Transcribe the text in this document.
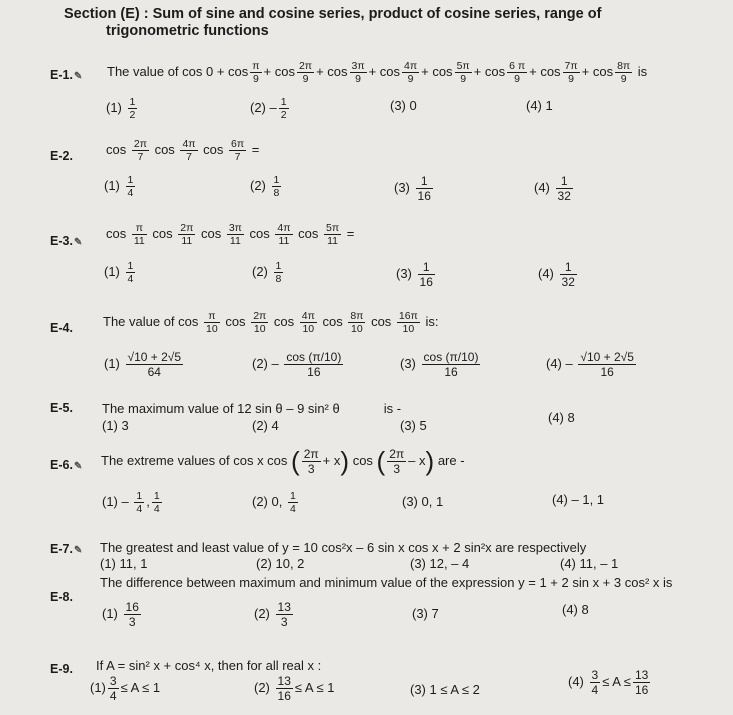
Section (E) : Sum of sine and cosine series, product of cosine series, range of
trigonometric functions
E-1.✎ The value of $\cos 0 + \cos \frac{\pi}{9} + \cos \frac{2\pi}{9} + \cos \frac{3\pi}{9} + \cos \frac{4\pi}{9} + \cos \frac{5\pi}{9} + \cos \frac{6 \pi}{9} + \cos \frac{7\pi}{9} + \cos \frac{8\pi}{9}$ is
$(1) \frac{1}{2}$	$(2) - \frac{1}{2}$	(3) 0	(4) 1
E-2.	$\cos \frac{2\pi}{7}$ $\cos \frac{4\pi}{7}$ $\cos \frac{6\pi}{7}$ =
$(1) \frac{1}{4}$	$(2) \frac{1}{8}$	$(3) \frac{1}{16}$	$(4) \frac{1}{32}$
E-3.✎
$\cos \frac{\pi}{11}$ $\cos \frac{2\pi}{11}$ $\cos \frac{3\pi}{11}$ $\cos \frac{4\pi}{11}$ $\cos \frac{5\pi}{11}$ =
$(1) \frac{1}{4}$	$(2) \frac{1}{8}$	$(3) \frac{1}{16}$	$(4) \frac{1}{32}$
E-4. The value of $\cos \frac{\pi}{10}$ $\cos \frac{2\pi}{10}$ $\cos \frac{4\pi}{10}$ $\cos \frac{8\pi}{10}$ $\cos \frac{16\pi}{10}$ is:
$(1) \frac{√10 + 2√5}{64}$	$(2) - \frac{\cos (\pi/10)}{16}$	$(3) \frac{\cos (\pi/10)}{16}$	$(4) - \frac{√10 + 2√5}{16}$
E-5. The maximum value of 12 sin θ – 9 sin² θ	is -
(1) 3	(2) 4	(3) 5
(4) 8
E-6.✎ The extreme values of cos x cos ( $\frac{2\pi}{3} + x$) cos ( $\frac{2\pi}{3} - x$) are -
$(1) - \frac{1}{4}$ , $\frac{1}{4}$	(2) 0, $\frac{1}{4}$	(3) 0, 1	(4) – 1, 1
E-7.✎ The greatest and least value of y = 10 cos²x – 6 sin x cos x + 2 sin²x are respectively
(1) 11, 1	(2) 10, 2	(3) 12, – 4	(4) 11, – 1
E-8.
The difference between maximum and minimum value of the expression y = 1 + 2 sin x + 3 cos² x is
$(1) \frac{16}{3}$	$(2) \frac{13}{3}$	(3) 7	(4) 8
E-9. If A = sin² x + cos⁴ x, then for all real x :
$(1) \frac{3}{4} \le A \le 1$	$(2) \frac{13}{16} \le A \le 1$	(3) 1 ≤ A ≤ 2
$(4) \frac{3}{4} \le A \le \frac{13}{16}$
